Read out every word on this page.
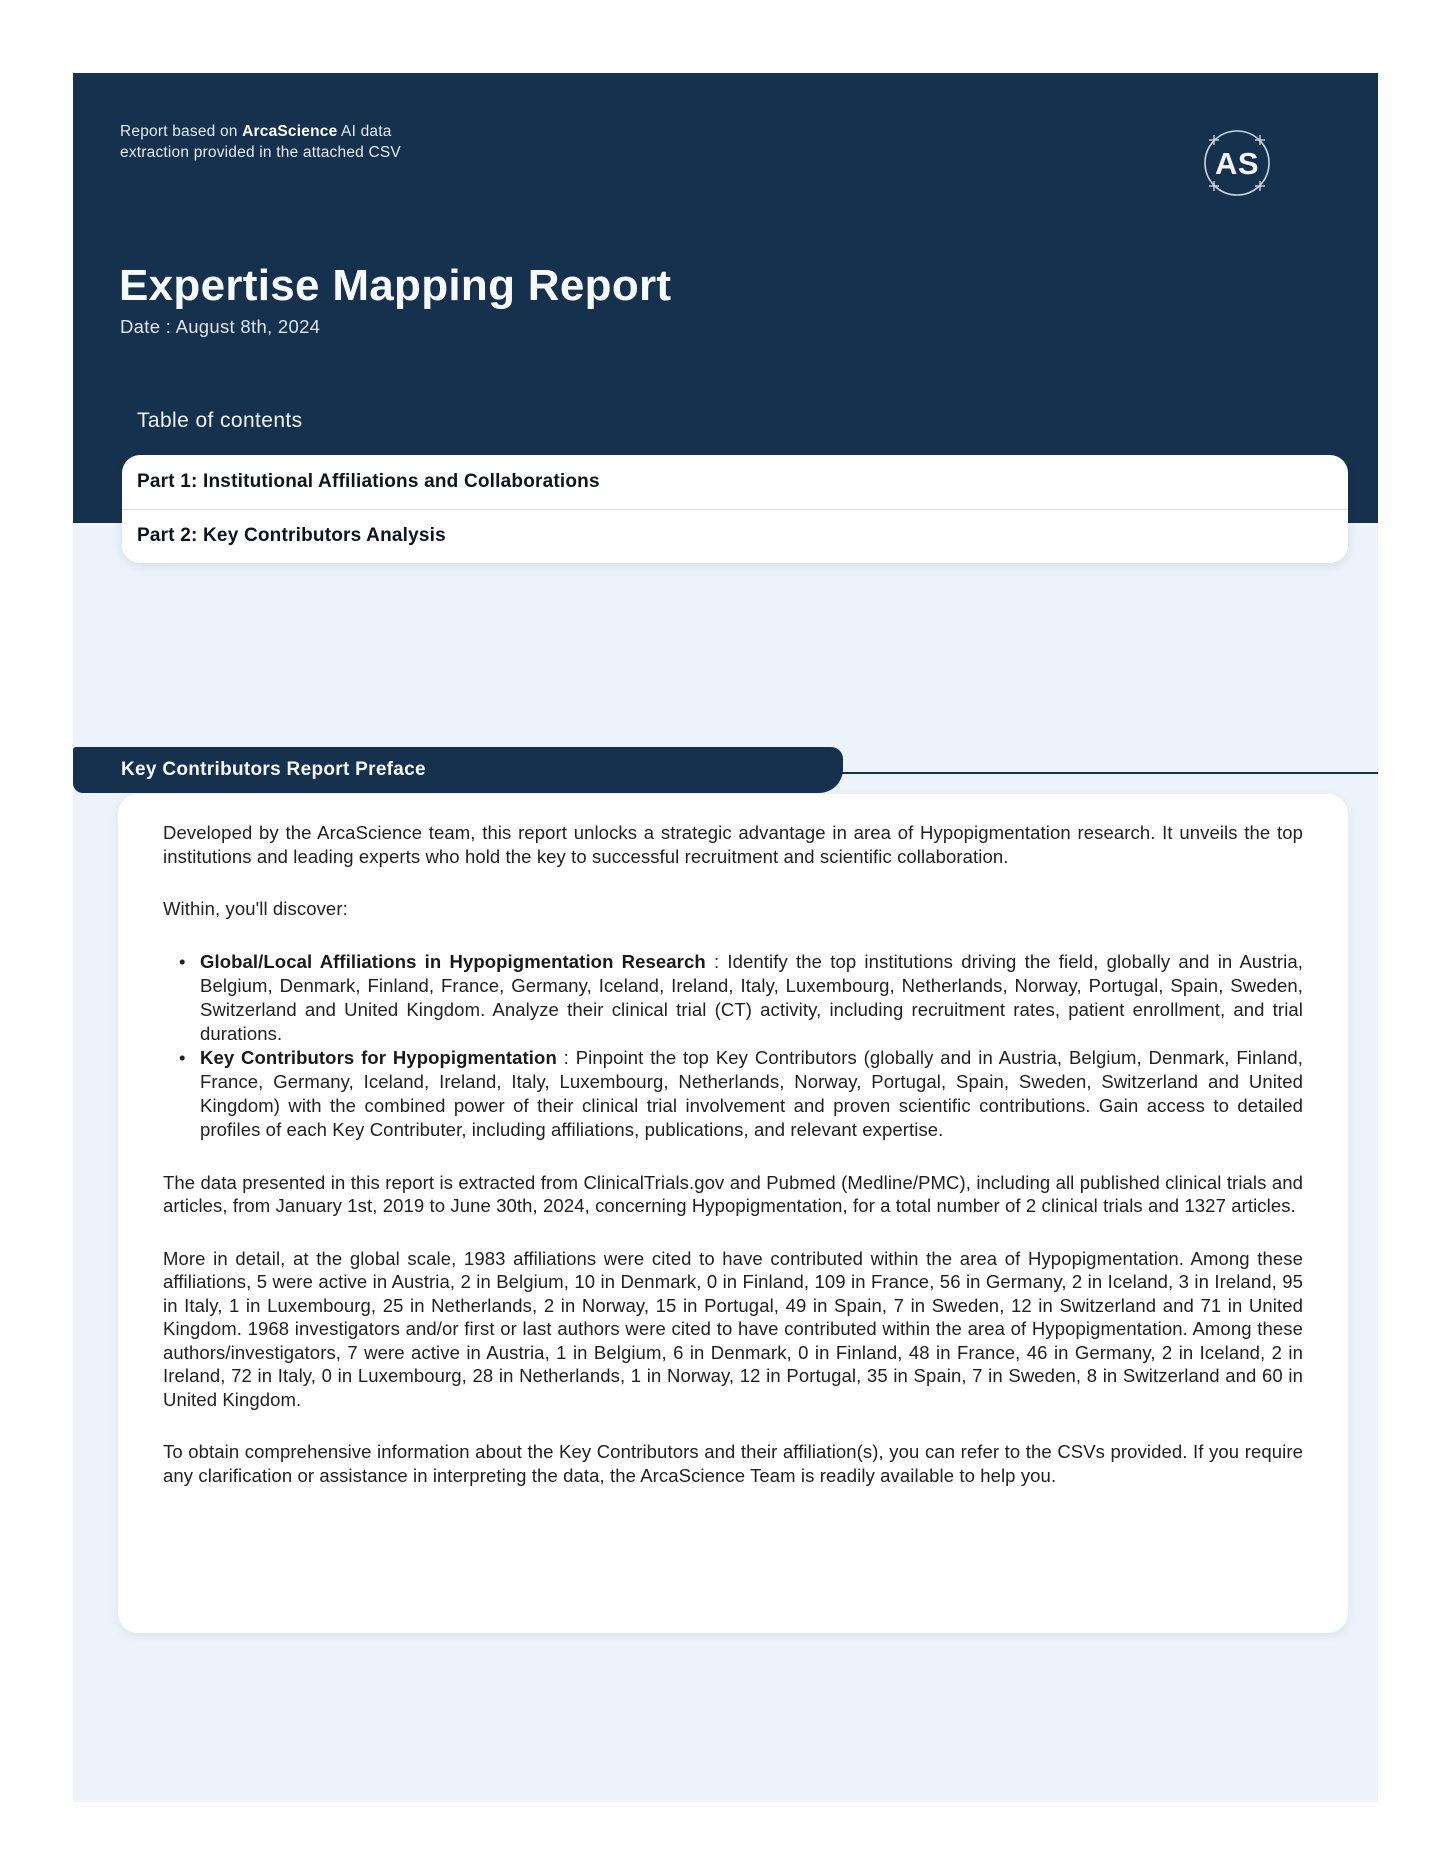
Report based on ArcaScience AI data extraction provided in the attached CSV	AS
Expertise Mapping Report
Date : August 8th, 2024
Table of contents
Part 1: Institutional Affiliations and Collaborations
Part 2: Key Contributors Analysis
Key Contributors Report Preface

Developed by the ArcaScience team, this report unlocks a strategic advantage in area of Hypopigmentation research. It unveils the top institutions and leading experts who hold the key to successful recruitment and scientific collaboration.

Within, you'll discover:

• Global/Local Affiliations in Hypopigmentation Research : Identify the top institutions driving the field, globally and in Austria, Belgium, Denmark, Finland, France, Germany, Iceland, Ireland, Italy, Luxembourg, Netherlands, Norway, Portugal, Spain, Sweden, Switzerland and United Kingdom. Analyze their clinical trial (CT) activity, including recruitment rates, patient enrollment, and trial durations.
• Key Contributors for Hypopigmentation : Pinpoint the top Key Contributors (globally and in Austria, Belgium, Denmark, Finland, France, Germany, Iceland, Ireland, Italy, Luxembourg, Netherlands, Norway, Portugal, Spain, Sweden, Switzerland and United Kingdom) with the combined power of their clinical trial involvement and proven scientific contributions. Gain access to detailed profiles of each Key Contributer, including affiliations, publications, and relevant expertise.

The data presented in this report is extracted from ClinicalTrials.gov and Pubmed (Medline/PMC), including all published clinical trials and articles, from January 1st, 2019 to June 30th, 2024, concerning Hypopigmentation, for a total number of 2 clinical trials and 1327 articles.

More in detail, at the global scale, 1983 affiliations were cited to have contributed within the area of Hypopigmentation. Among these affiliations, 5 were active in Austria, 2 in Belgium, 10 in Denmark, 0 in Finland, 109 in France, 56 in Germany, 2 in Iceland, 3 in Ireland, 95 in Italy, 1 in Luxembourg, 25 in Netherlands, 2 in Norway, 15 in Portugal, 49 in Spain, 7 in Sweden, 12 in Switzerland and 71 in United Kingdom. 1968 investigators and/or first or last authors were cited to have contributed within the area of Hypopigmentation. Among these authors/investigators, 7 were active in Austria, 1 in Belgium, 6 in Denmark, 0 in Finland, 48 in France, 46 in Germany, 2 in Iceland, 2 in Ireland, 72 in Italy, 0 in Luxembourg, 28 in Netherlands, 1 in Norway, 12 in Portugal, 35 in Spain, 7 in Sweden, 8 in Switzerland and 60 in United Kingdom.

To obtain comprehensive information about the Key Contributors and their affiliation(s), you can refer to the CSVs provided. If you require any clarification or assistance in interpreting the data, the ArcaScience Team is readily available to help you.
